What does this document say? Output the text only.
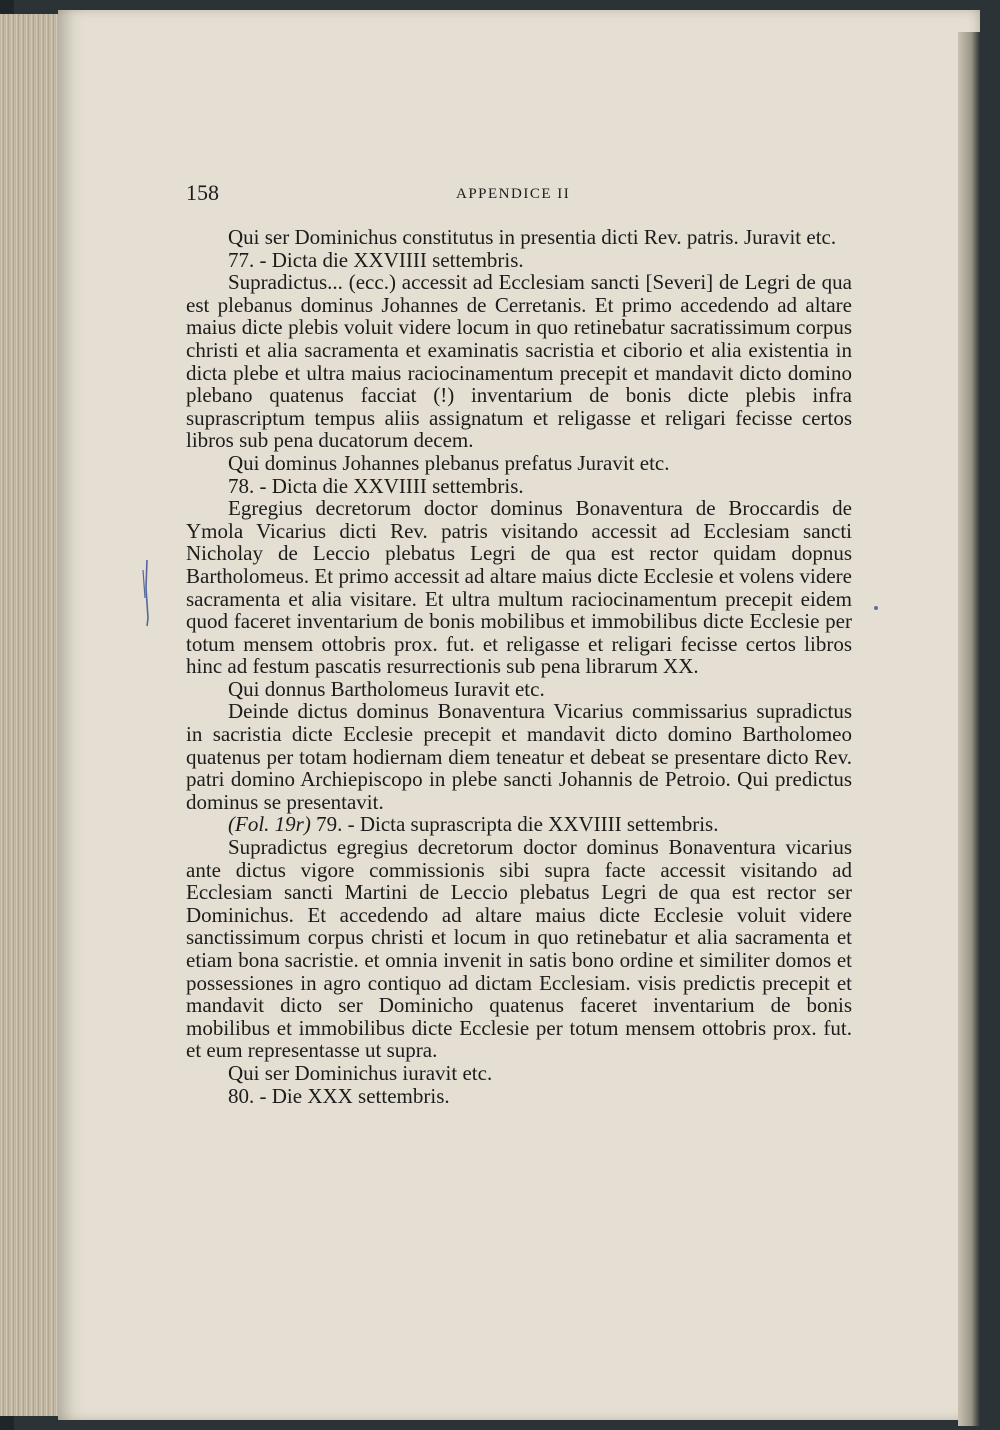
158	APPENDICE II

Qui ser Dominichus constitutus in presentia dicti Rev. patris. Juravit etc.

77. - Dicta die XXVIIII settembris.

Supradictus... (ecc.) accessit ad Ecclesiam sancti [Severi] de Legri de qua est plebanus dominus Johannes de Cerretanis. Et primo accedendo ad altare maius dicte plebis voluit videre locum in quo retinebatur sacratissimum corpus christi et alia sacramenta et examinatis sacristia et ciborio et alia existentia in dicta plebe et ultra maius raciocinamentum precepit et mandavit dicto domino plebano quatenus facciat (!) inventarium de bonis dicte plebis infra suprascriptum tempus aliis assignatum et religasse et religari fecisse certos libros sub pena ducatorum decem.

Qui dominus Johannes plebanus prefatus Juravit etc.

78. - Dicta die XXVIIII settembris.

Egregius decretorum doctor dominus Bonaventura de Broccardis de Ymola Vicarius dicti Rev. patris visitando accessit ad Ecclesiam sancti Nicholay de Leccio plebatus Legri de qua est rector quidam dopnus Bartholomeus. Et primo accessit ad altare maius dicte Ecclesie et volens videre sacramenta et alia visitare. Et ultra multum raciocinamentum precepit eidem quod faceret inventarium de bonis mobilibus et immobilibus dicte Ecclesie per totum mensem ottobris prox. fut. et religasse et religari fecisse certos libros hinc ad festum pascatis resurrectionis sub pena librarum XX.

Qui donnus Bartholomeus Iuravit etc.

Deinde dictus dominus Bonaventura Vicarius commissarius supradictus in sacristia dicte Ecclesie precepit et mandavit dicto domino Bartholomeo quatenus per totam hodiernam diem teneatur et debeat se presentare dicto Rev. patri domino Archiepiscopo in plebe sancti Johannis de Petroio. Qui predictus dominus se presentavit.

(Fol. 19r) 79. - Dicta suprascripta die XXVIIII settembris.

Supradictus egregius decretorum doctor dominus Bonaventura vicarius ante dictus vigore commissionis sibi supra facte accessit visitando ad Ecclesiam sancti Martini de Leccio plebatus Legri de qua est rector ser Dominichus. Et accedendo ad altare maius dicte Ecclesie voluit videre sanctissimum corpus christi et locum in quo retinebatur et alia sacramenta et etiam bona sacristie. et omnia invenit in satis bono ordine et similiter domos et possessiones in agro contiquo ad dictam Ecclesiam. visis predictis precepit et mandavit dicto ser Dominicho quatenus faceret inventarium de bonis mobilibus et immobilibus dicte Ecclesie per totum mensem ottobris prox. fut. et eum representasse ut supra.

Qui ser Dominichus iuravit etc.

80. - Die XXX settembris.
